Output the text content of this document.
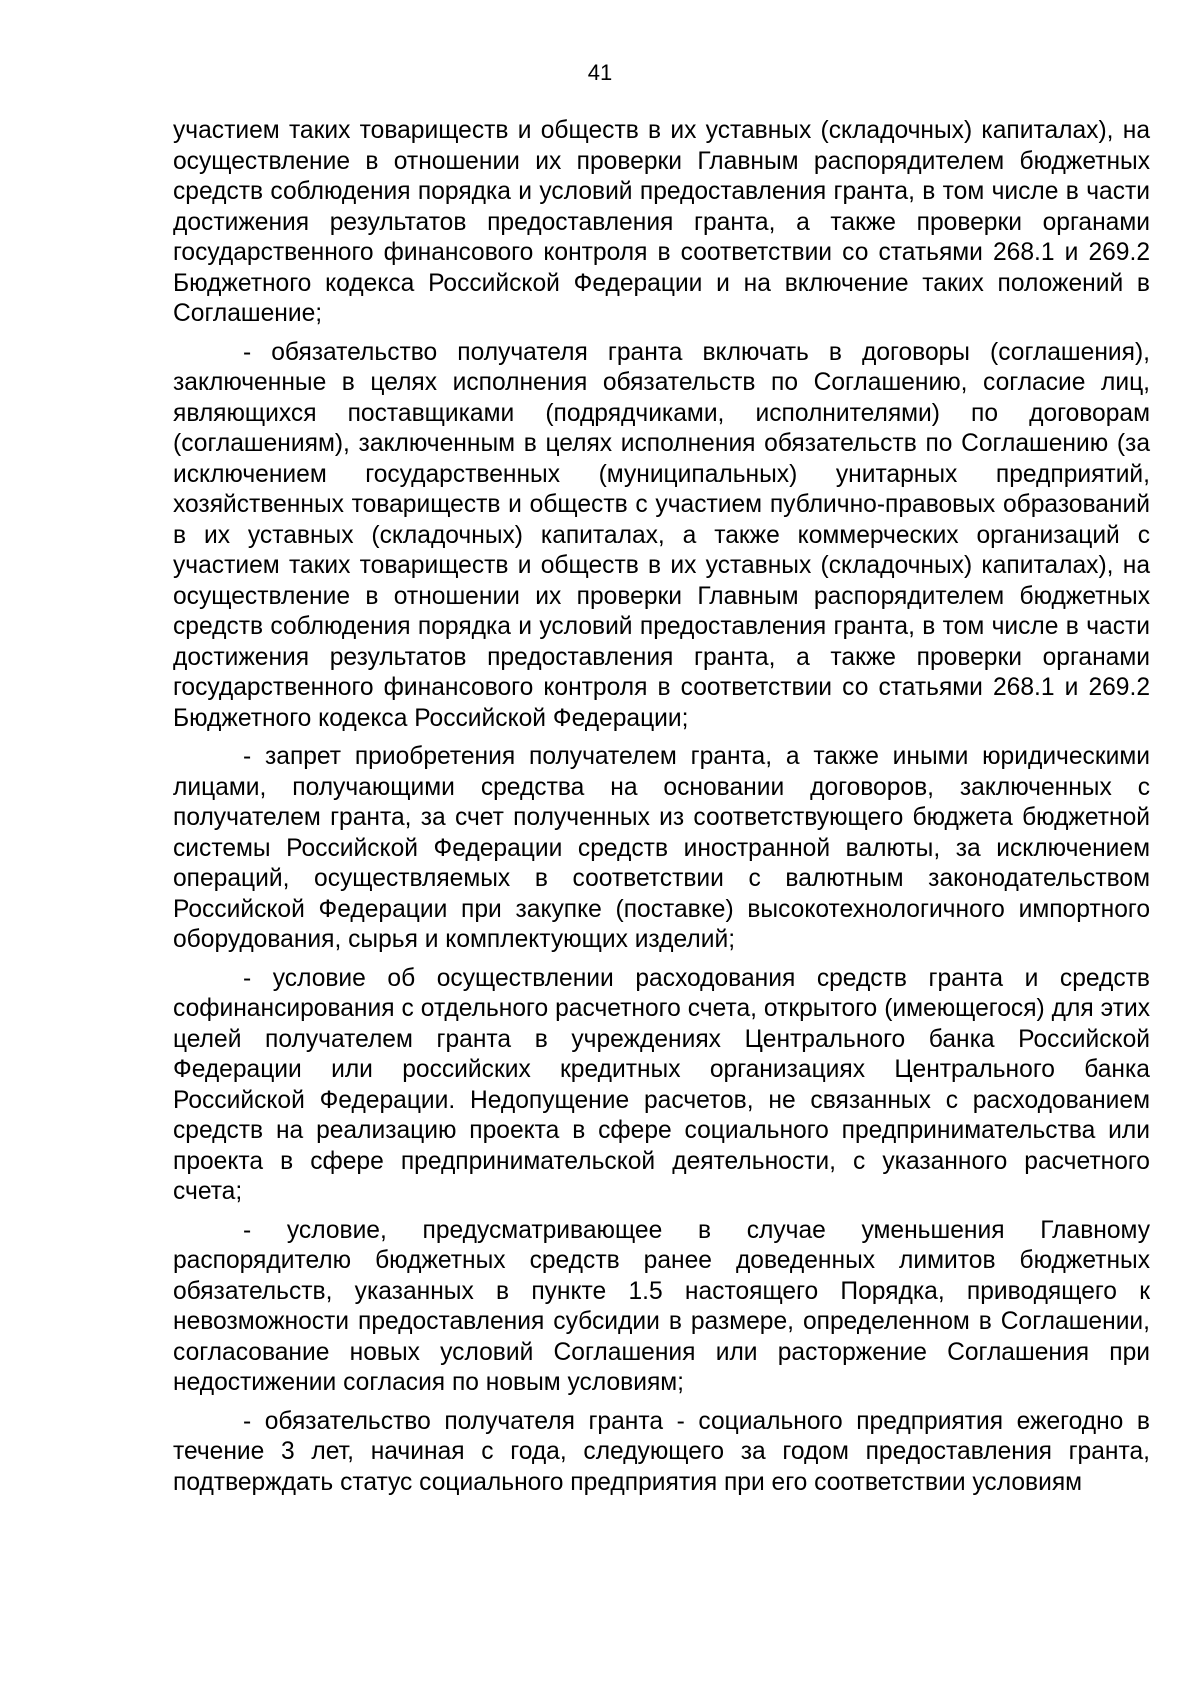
41

участием таких товариществ и обществ в их уставных (складочных) капиталах), на осуществление в отношении их проверки Главным распорядителем бюджетных средств соблюдения порядка и условий предоставления гранта, в том числе в части достижения результатов предоставления гранта, а также проверки органами государственного финансового контроля в соответствии со статьями 268.1 и 269.2 Бюджетного кодекса Российской Федерации и на включение таких положений в Соглашение;

- обязательство получателя гранта включать в договоры (соглашения), заключенные в целях исполнения обязательств по Соглашению, согласие лиц, являющихся поставщиками (подрядчиками, исполнителями) по договорам (соглашениям), заключенным в целях исполнения обязательств по Соглашению (за исключением государственных (муниципальных) унитарных предприятий, хозяйственных товариществ и обществ с участием публично-правовых образований в их уставных (складочных) капиталах, а также коммерческих организаций с участием таких товариществ и обществ в их уставных (складочных) капиталах), на осуществление в отношении их проверки Главным распорядителем бюджетных средств соблюдения порядка и условий предоставления гранта, в том числе в части достижения результатов предоставления гранта, а также проверки органами государственного финансового контроля в соответствии со статьями 268.1 и 269.2 Бюджетного кодекса Российской Федерации;

- запрет приобретения получателем гранта, а также иными юридическими лицами, получающими средства на основании договоров, заключенных с получателем гранта, за счет полученных из соответствующего бюджета бюджетной системы Российской Федерации средств иностранной валюты, за исключением операций, осуществляемых в соответствии с валютным законодательством Российской Федерации при закупке (поставке) высокотехнологичного импортного оборудования, сырья и комплектующих изделий;

- условие об осуществлении расходования средств гранта и средств софинансирования с отдельного расчетного счета, открытого (имеющегося) для этих целей получателем гранта в учреждениях Центрального банка Российской Федерации или российских кредитных организациях Центрального банка Российской Федерации. Недопущение расчетов, не связанных с расходованием средств на реализацию проекта в сфере социального предпринимательства или проекта в сфере предпринимательской деятельности, с указанного расчетного счета;

- условие, предусматривающее в случае уменьшения Главному распорядителю бюджетных средств ранее доведенных лимитов бюджетных обязательств, указанных в пункте 1.5 настоящего Порядка, приводящего к невозможности предоставления субсидии в размере, определенном в Соглашении, согласование новых условий Соглашения или расторжение Соглашения при недостижении согласия по новым условиям;

- обязательство получателя гранта - социального предприятия ежегодно в течение 3 лет, начиная с года, следующего за годом предоставления гранта, подтверждать статус социального предприятия при его соответствии условиям
